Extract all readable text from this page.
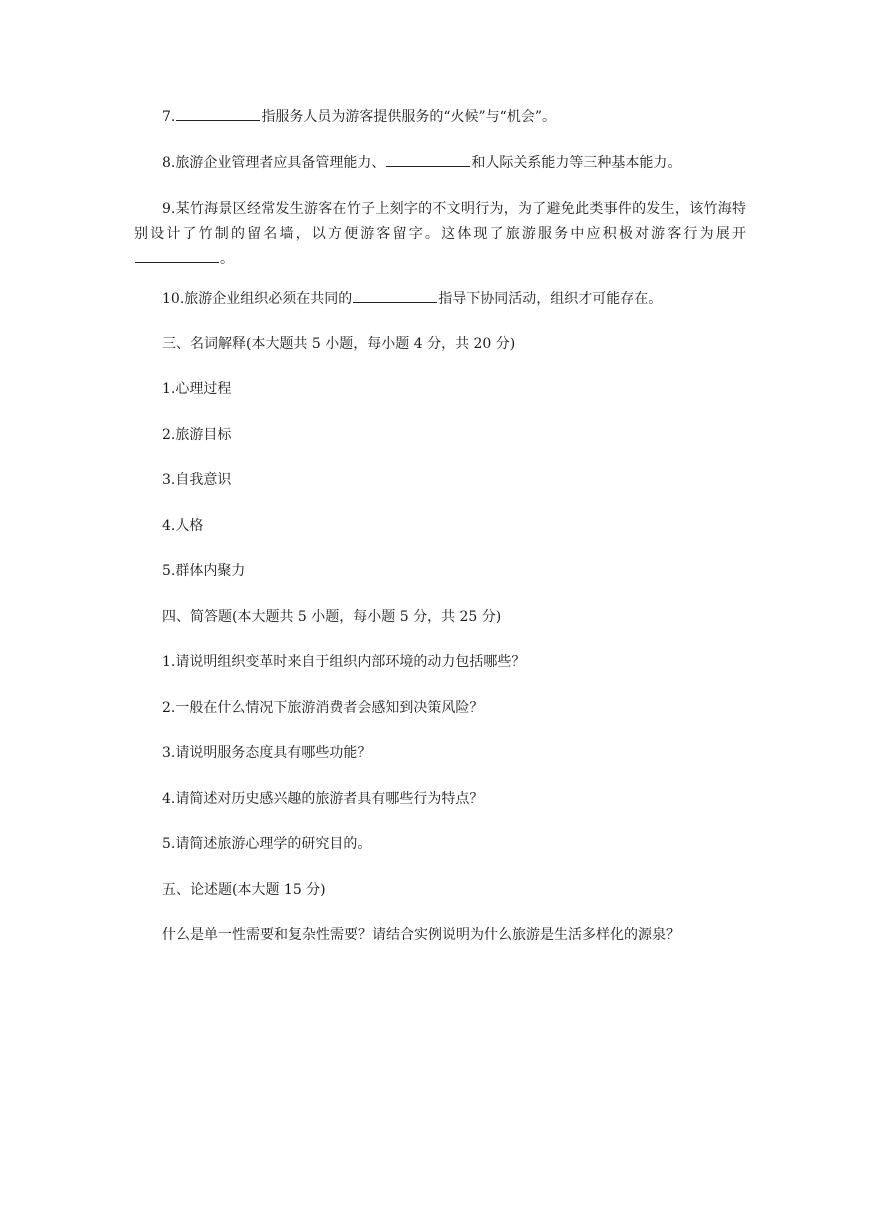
7.	指服务人员为游客提供服务的“火候”与“机会”。
8.旅游企业管理者应具备管理能力、	和人际关系能力等三种基本能力。
9.某竹海景区经常发生游客在竹子上刻字的不文明行为，为了避免此类事件的发生，该竹海特别设计了竹制的留名墙，以方便游客留字。这体现了旅游服务中应积极对游客行为展开。
10.旅游企业组织必须在共同的	指导下协同活动，组织才可能存在。
三、名词解释(本大题共 5 小题，每小题 4 分，共 20 分)
1.心理过程
2.旅游目标
3.自我意识
4.人格
5.群体内聚力
四、简答题(本大题共 5 小题，每小题 5 分，共 25 分)
1.请说明组织变革时来自于组织内部环境的动力包括哪些？
2.一般在什么情况下旅游消费者会感知到决策风险？
3.请说明服务态度具有哪些功能？
4.请简述对历史感兴趣的旅游者具有哪些行为特点？
5.请简述旅游心理学的研究目的。
五、论述题(本大题 15 分)
什么是单一性需要和复杂性需要？请结合实例说明为什么旅游是生活多样化的源泉？
